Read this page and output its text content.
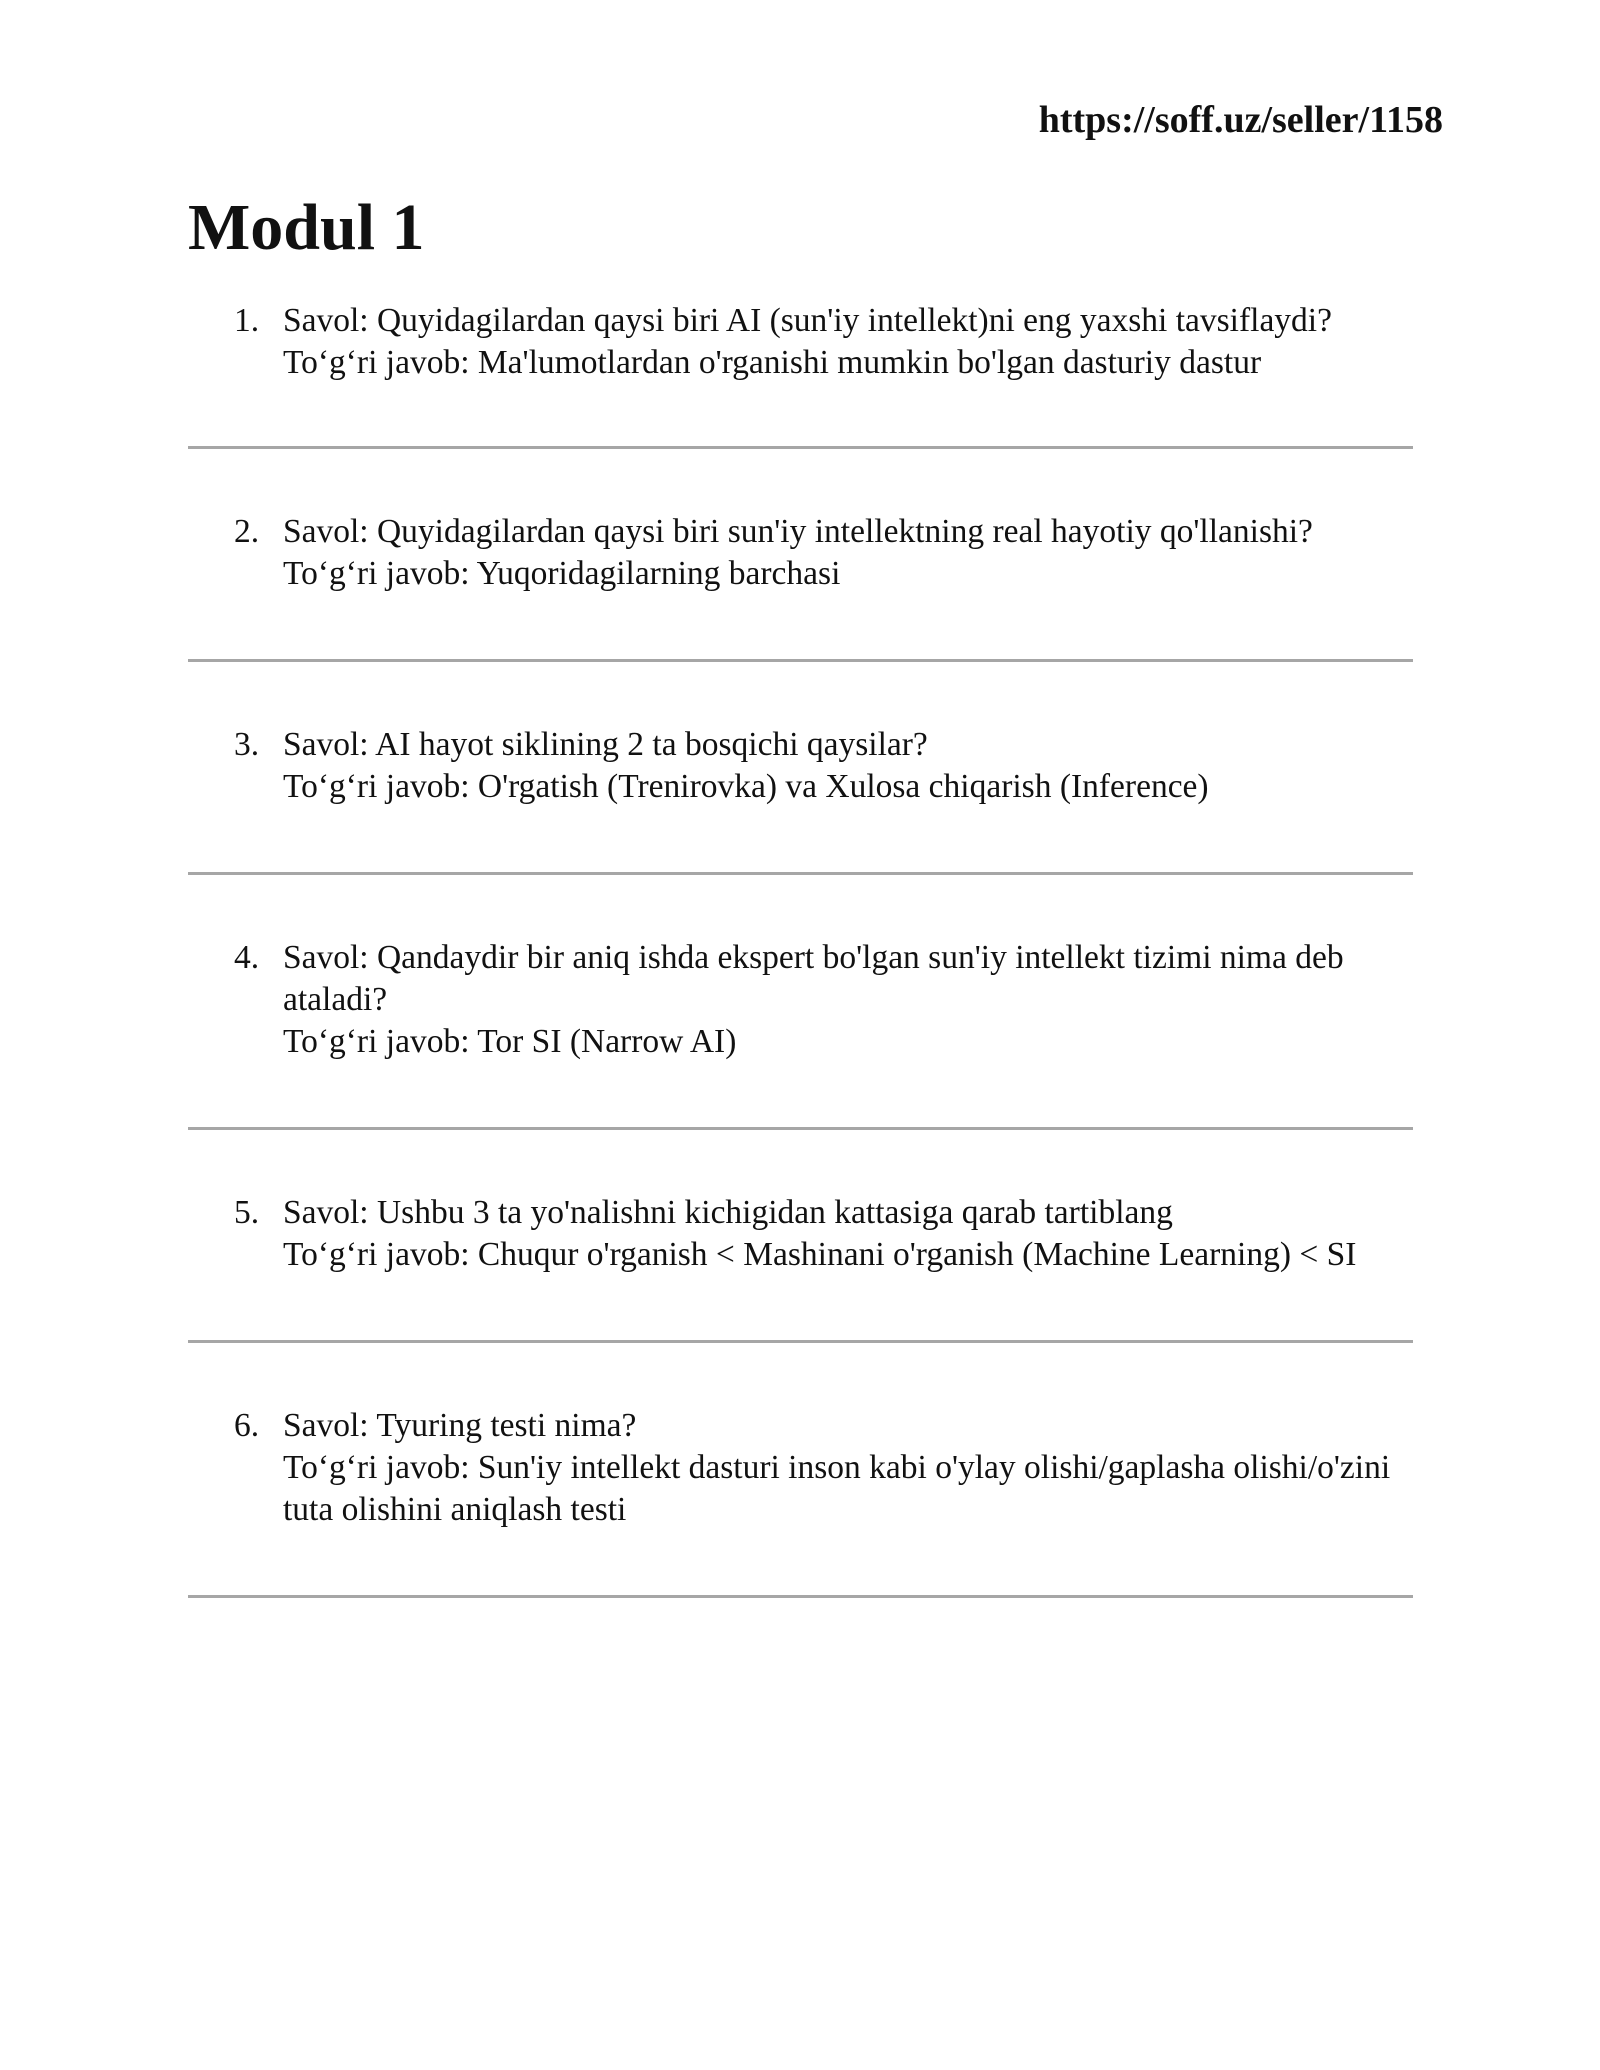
https://soff.uz/seller/1158
Modul 1
1. Savol: Quyidagilardan qaysi biri AI (sun'iy intellekt)ni eng yaxshi tavsiflaydi?

To‘g‘ri javob: Ma'lumotlardan o'rganishi mumkin bo'lgan dasturiy dastur

2. Savol: Quyidagilardan qaysi biri sun'iy intellektning real hayotiy qo'llanishi?

To‘g‘ri javob: Yuqoridagilarning barchasi

3. Savol: AI hayot siklining 2 ta bosqichi qaysilar?

To‘g‘ri javob: O'rgatish (Trenirovka) va Xulosa chiqarish (Inference)

4. Savol: Qandaydir bir aniq ishda ekspert bo'lgan sun'iy intellekt tizimi nima deb ataladi?

To‘g‘ri javob: Tor SI (Narrow AI)

5. Savol: Ushbu 3 ta yo'nalishni kichigidan kattasiga qarab tartiblang

To‘g‘ri javob: Chuqur o'rganish < Mashinani o'rganish (Machine Learning) < SI

6. Savol: Tyuring testi nima?

To‘g‘ri javob: Sun'iy intellekt dasturi inson kabi o'ylay olishi/gaplasha olishi/o'zini tuta olishini aniqlash testi
